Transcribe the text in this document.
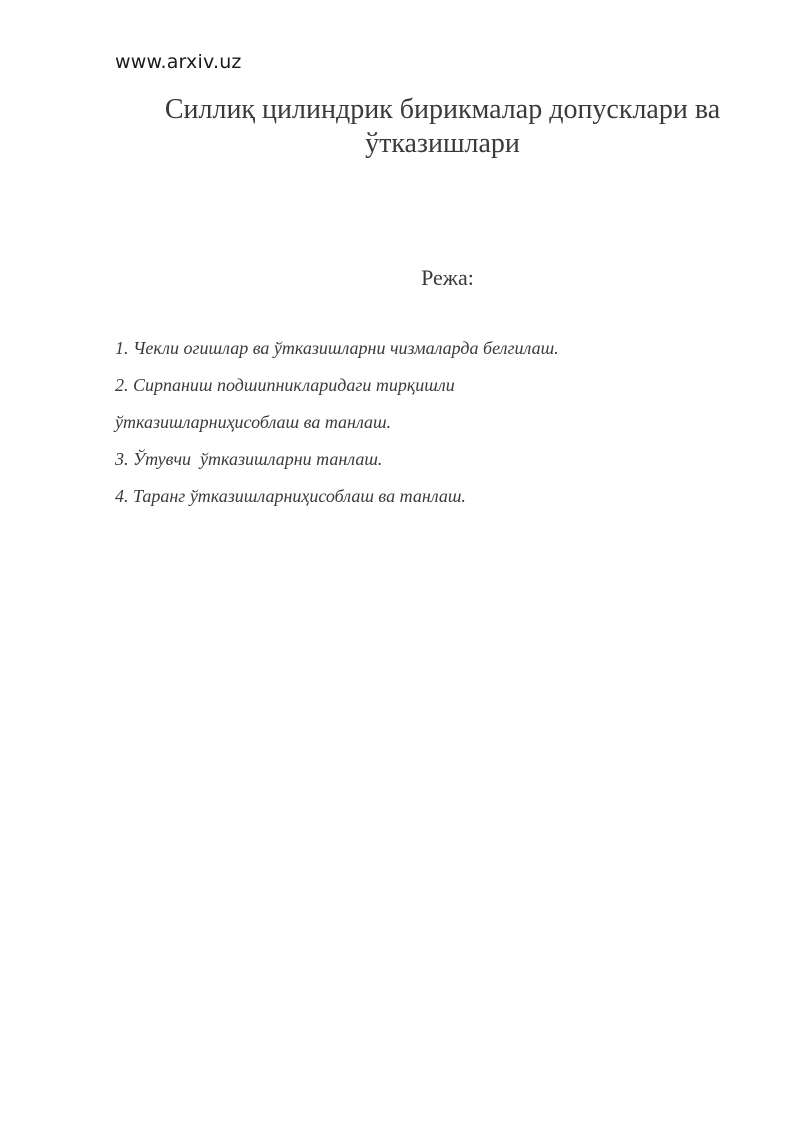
www.arxiv.uz
Силлиқ цилиндрик бирикмалар допусклари ва ўтказишлари
Режа:
1. Чекли огишлар ва ўтказишларни чизмаларда белгилаш.
2. Сирпаниш подшипникларидаги тирқишли
ўтказишларниҳисоблаш ва танлаш.
3. Ўтувчи  ўтказишларни танлаш.
4. Таранг ўтказишларниҳисоблаш ва танлаш.
